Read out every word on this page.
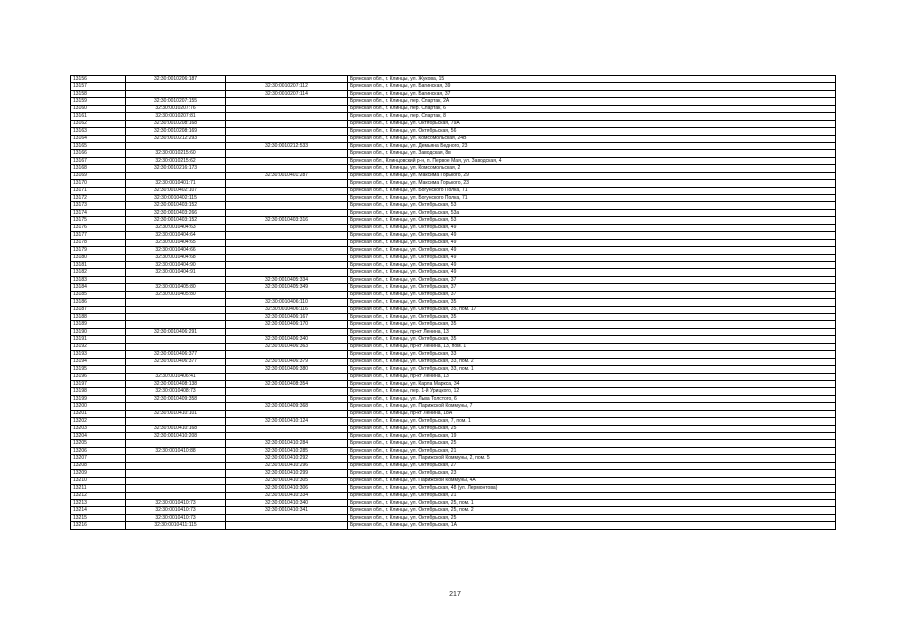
13156	32:30:0010206:187		Брянская обл., г. Клинцы, ул. Жукова, 15
13157		32:30:0010207:112	Брянская обл., г. Клинцы, ул. Багинская, 39
13158		32:30:0010207:114	Брянская обл., г. Клинцы, ул. Багинская, 37
13159	32:30:0010207:155		Брянская обл., г. Клинцы, пер. Спартак, 2А
13160	32:30:0010207:76		Брянская обл., г. Клинцы, пер. Спартак, 6
13161	32:30:0010207:81		Брянская обл., г. Клинцы, пер. Спартак, 8
13162	32:30:0010208:168		Брянская обл., г. Клинцы, ул. Октябрьская, 79А
13163	32:30:0010208:169		Брянская обл., г. Клинцы, ул. Октябрьская, 56
13164	32:30:0010212:293		Брянская обл., г. Клинцы, ул. Комсомольская, 24В
13165		32:30:0010212:533	Брянская обл., г. Клинцы, ул. Демьяна Бедного, 23
13166	32:30:0010215:60		Брянская обл., г. Клинцы, ул. Заводская, 8в
13167	32:30:0010215:62		Брянская обл., Клинцовский р-н, п. Первое Мая, ул. Заводская, 4
13168	32:30:0010216:173		Брянская обл., г. Клинцы, ул. Комсомольская, 2
13169		32:30:0010401:287	Брянская обл., г. Клинцы, ул. Максима Горького, 29
13170	32:30:0010401:71		Брянская обл., г. Клинцы, ул. Максима Горького, 23
13171	32:30:0010402:107		Брянская обл., г. Клинцы, ул. Богунского Полка, 71
13172	32:30:0010402:115		Брянская обл., г. Клинцы, ул. Богунского Полка, 71
13173	32:30:0010403:152		Брянская обл., г. Клинцы, ул. Октябрьская, 53
13174	32:30:0010403:266		Брянская обл., г. Клинцы, ул. Октябрьская, 53а
13175	32:30:0010403:152	32:30:0010403:316	Брянская обл., г. Клинцы, ул. Октябрьская, 53
13176	32:30:0010404:63		Брянская обл., г. Клинцы, ул. Октябрьская, 49
13177	32:30:0010404:64		Брянская обл., г. Клинцы, ул. Октябрьская, 49
13178	32:30:0010404:65		Брянская обл., г. Клинцы, ул. Октябрьская, 49
13179	32:30:0010404:66		Брянская обл., г. Клинцы, ул. Октябрьская, 49
13180	32:30:0010404:68		Брянская обл., г. Клинцы, ул. Октябрьская, 49
13181	32:30:0010404:90		Брянская обл., г. Клинцы, ул. Октябрьская, 49
13182	32:30:0010404:91		Брянская обл., г. Клинцы, ул. Октябрьская, 49
13183		32:30:0010405:334	Брянская обл., г. Клинцы, ул. Октябрьская, 37
13184	32:30:0010405:80	32:30:0010405:349	Брянская обл., г. Клинцы, ул. Октябрьская, 37
13185	32:30:0010405:80		Брянская обл., г. Клинцы, ул. Октябрьская, 37
13186		32:30:0010406:110	Брянская обл., г. Клинцы, ул. Октябрьская, 35
13187		32:30:0010406:116	Брянская обл., г. Клинцы, ул. Октябрьская, 35, пом. 17
13188		32:30:0010406:167	Брянская обл., г. Клинцы, ул. Октябрьская, 35
13189		32:30:0010406:170	Брянская обл., г. Клинцы, ул. Октябрьская, 35
13190	32:30:0010406:291		Брянская обл., г. Клинцы, пр-кт Ленина, 13
13191		32:30:0010406:340	Брянская обл., г. Клинцы, ул. Октябрьская, 35
13192		32:30:0010406:363	Брянская обл., г. Клинцы, пр-кт Ленина, 13, пом. 1
13193	32:30:0010406:377		Брянская обл., г. Клинцы, ул. Октябрьская, 33
13194	32:30:0010406:377	32:30:0010406:379	Брянская обл., г. Клинцы, ул. Октябрьская, 33, пом. 2
13195		32:30:0010406:380	Брянская обл., г. Клинцы, ул. Октябрьская, 33, пом. 1
13196	32:30:0010406:41		Брянская обл., г. Клинцы, пр-кт Ленина, 13
13197	32:30:0010408:138	32:30:0010408:354	Брянская обл., г. Клинцы, ул. Карла Маркса, 34
13198	32:30:0010408:73		Брянская обл., г. Клинцы, пер. 1-й Урицкого, 12
13199	32:30:0010409:358		Брянская обл., г. Клинцы, ул. Льва Толстого, 6
13200		32:30:0010409:368	Брянская обл., г. Клинцы, ул. Парижской Коммуны, 7
13201	32:30:0010410:101		Брянская обл., г. Клинцы, пр-кт Ленина, 18А
13202		32:30:0010410:124	Брянская обл., г. Клинцы, ул. Октябрьская, 7, пом. 1
13203	32:30:0010410:168		Брянская обл., г. Клинцы, ул. Октябрьская, 25
13204	32:30:0010410:208		Брянская обл., г. Клинцы, ул. Октябрьская, 19
13205		32:30:0010410:284	Брянская обл., г. Клинцы, ул. Октябрьская, 25
13206	32:30:0010410:88	32:30:0010410:285	Брянская обл., г. Клинцы, ул. Октябрьская, 21
13207		32:30:0010410:292	Брянская обл., г. Клинцы, ул. Парижской Коммуны, 2, пом. 5
13208		32:30:0010410:296	Брянская обл., г. Клинцы, ул. Октябрьская, 27
13209		32:30:0010410:299	Брянская обл., г. Клинцы, ул. Октябрьская, 23
13210		32:30:0010410:305	Брянская обл., г. Клинцы, ул. Парижской Коммуны, 4А
13211		32:30:0010410:306	Брянская обл., г. Клинцы, ул. Октябрьская, 48 (ул. Лермонтова)
13212		32:30:0010410:334	Брянская обл., г. Клинцы, ул. Октябрьская, 21
13213	32:30:0010410:73	32:30:0010410:340	Брянская обл., г. Клинцы, ул. Октябрьская, 25, пом. 1
13214	32:30:0010410:73	32:30:0010410:341	Брянская обл., г. Клинцы, ул. Октябрьская, 25, пом. 2
13215	32:30:0010410:73		Брянская обл., г. Клинцы, ул. Октябрьская, 25
13216	32:30:0010411:115		Брянская обл., г. Клинцы, ул. Октябрьская, 1А
217
